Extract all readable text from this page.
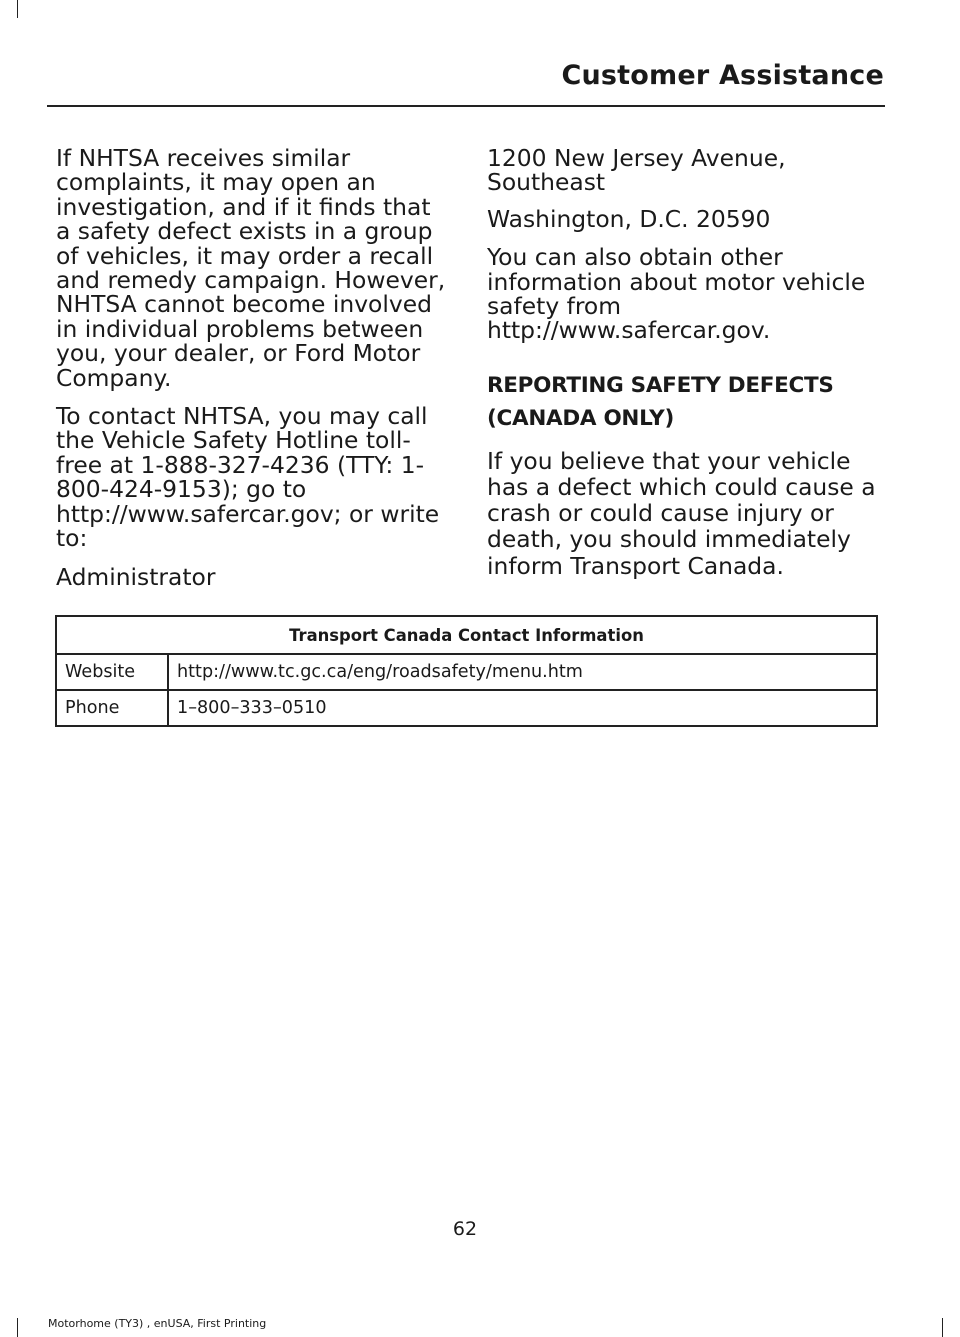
Customer Assistance

If NHTSA receives similar complaints, it may open an investigation, and if it finds that a safety defect exists in a group of vehicles, it may order a recall and remedy campaign. However, NHTSA cannot become involved in individual problems between you, your dealer, or Ford Motor Company.

To contact NHTSA, you may call the Vehicle Safety Hotline toll-free at 1-888-327-4236 (TTY: 1-800-424-9153); go to http://www.safercar.gov; or write to:

Administrator

1200 New Jersey Avenue, Southeast

Washington, D.C. 20590

You can also obtain other information about motor vehicle safety from http://www.safercar.gov.

REPORTING SAFETY DEFECTS
(CANADA ONLY)

If you believe that your vehicle has a defect which could cause a crash or could cause injury or death, you should immediately inform Transport Canada.

Transport Canada Contact Information	
Website	http://www.tc.gc.ca/eng/roadsafety/menu.htm
Phone	1–800–333–0510
62
Motorhome (TY3) , enUSA, First Printing
